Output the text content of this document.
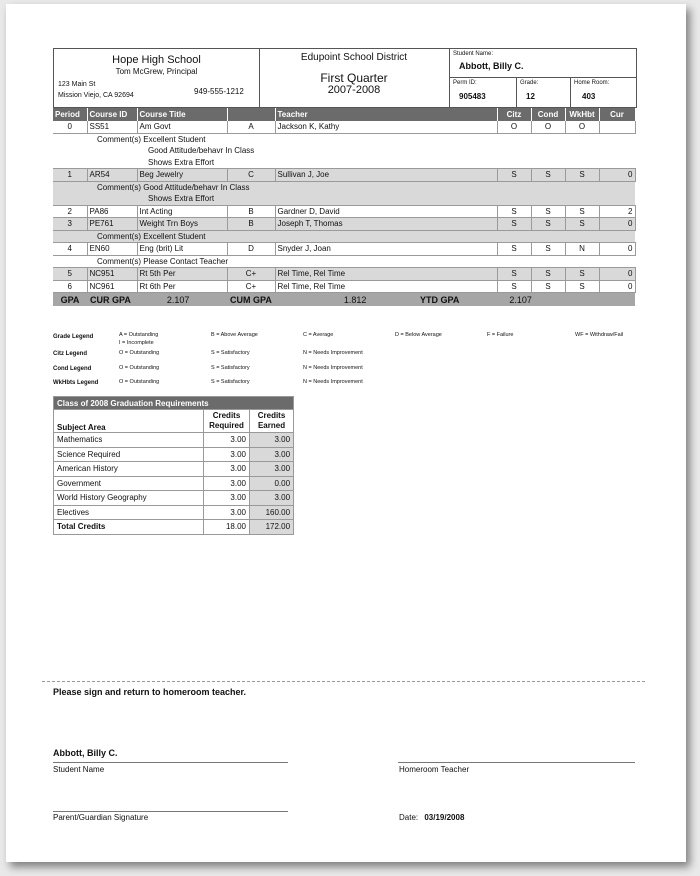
Hope High School
Tom McGrew, Principal
123 Main St
Mission Viejo, CA 92694	949-555-1212
Edupoint School District
First Quarter
2007-2008
Student Name:
Abbott, Billy C.
Perm ID:
905483
Grade:
12
Home Room:
403
Period	Course ID	Course Title		Teacher	Citz	Cond	WkHbt	Cur
0	SS51	Am Govt	A	Jackson K, Kathy	O	O	O	

Comment(s) Excellent Student
Good Attitude/behavr In Class
Shows Extra Effort								

1	AR54	Beg Jewelry	C	Sullivan J, Joe	S	S	S	0

Comment(s) Good Attitude/behavr In Class
Shows Extra Effort								

2	PA86	Int Acting	B	Gardner D, David	S	S	S	2
3	PE761	Weight Trn Boys	B	Joseph T, Thomas	S	S	S	0

Comment(s) Excellent Student								

4	EN60	Eng (brit) Lit	D	Snyder J, Joan	S	S	N	0

Comment(s) Please Contact Teacher								

5	NC951	Rt 5th Per	C+	Rel Time, Rel Time	S	S	S	0
6	NC961	Rt 6th Per	C+	Rel Time, Rel Time	S	S	S	0
GPA	CUR GPA 2.107		CUM GPA 1.812		YTD GPA 2.107			
Grade Legend	A = Outstanding	B = Above Average	C = Average	D = Below Average	F = Failure	WF = Withdraw/Fail
I = Incomplete
Citz Legend	O = Outstanding	S = Satisfactory	N = Needs Improvement
Cond Legend	O = Outstanding	S = Satisfactory	N = Needs Improvement
WkHbts Legend	O = Outstanding	S = Satisfactory	N = Needs Improvement
Class of 2008 Graduation Requirements		
Subject Area	Credits Required	Credits Earned
Mathematics	3.00	3.00
Science Required	3.00	3.00
American History	3.00	3.00
Government	3.00	0.00
World History Geography	3.00	3.00
Electives	3.00	160.00
Total Credits	18.00	172.00
Please sign and return to homeroom teacher.
Abbott, Billy C.
Student Name	Homeroom Teacher
Parent/Guardian Signature	Date: 03/19/2008
